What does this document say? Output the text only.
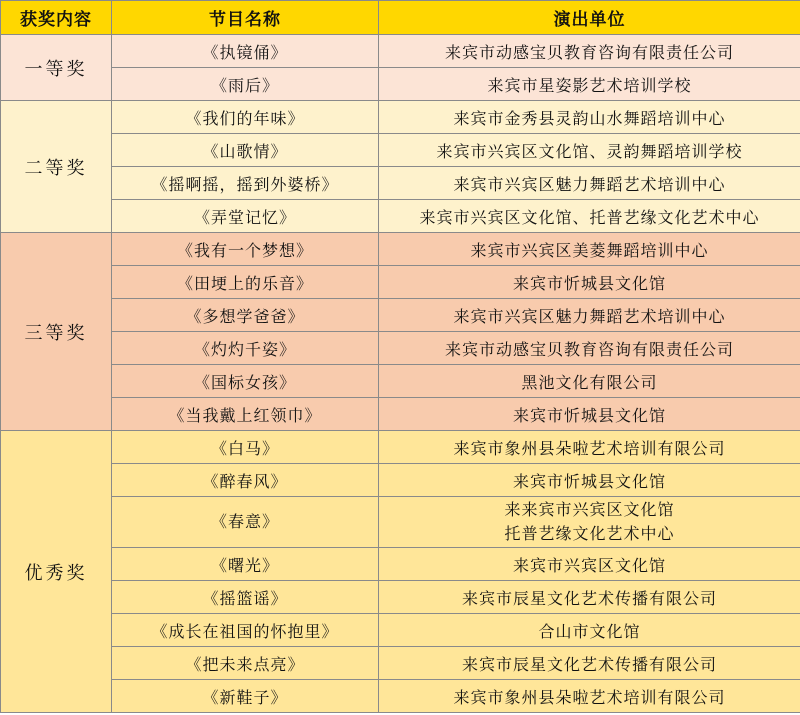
获奖内容	节目名称	演出单位
一等奖	《执镜俑》	来宾市动感宝贝教育咨询有限责任公司

	《雨后》	来宾市星姿影艺术培训学校

二等奖	《我们的年味》	来宾市金秀县灵韵山水舞蹈培训中心

	《山歌情》	来宾市兴宾区文化馆、灵韵舞蹈培训学校

	《摇啊摇，摇到外婆桥》	来宾市兴宾区魅力舞蹈艺术培训中心

	《弄堂记忆》	来宾市兴宾区文化馆、托普艺缘文化艺术中心

三等奖	《我有一个梦想》	来宾市兴宾区美菱舞蹈培训中心

	《田埂上的乐音》	来宾市忻城县文化馆

	《多想学爸爸》	来宾市兴宾区魅力舞蹈艺术培训中心

	《灼灼千姿》	来宾市动感宝贝教育咨询有限责任公司

	《国标女孩》	黑池文化有限公司

	《当我戴上红领巾》	来宾市忻城县文化馆

优秀奖	《白马》	来宾市象州县朵啦艺术培训有限公司

	《醉春风》	来宾市忻城县文化馆

	《春意》	来来宾市兴宾区文化馆
托普艺缘文化艺术中心

	《曙光》	来宾市兴宾区文化馆

	《摇篮谣》	来宾市辰星文化艺术传播有限公司

	《成长在祖国的怀抱里》	合山市文化馆

	《把未来点亮》	来宾市辰星文化艺术传播有限公司

	《新鞋子》	来宾市象州县朵啦艺术培训有限公司
